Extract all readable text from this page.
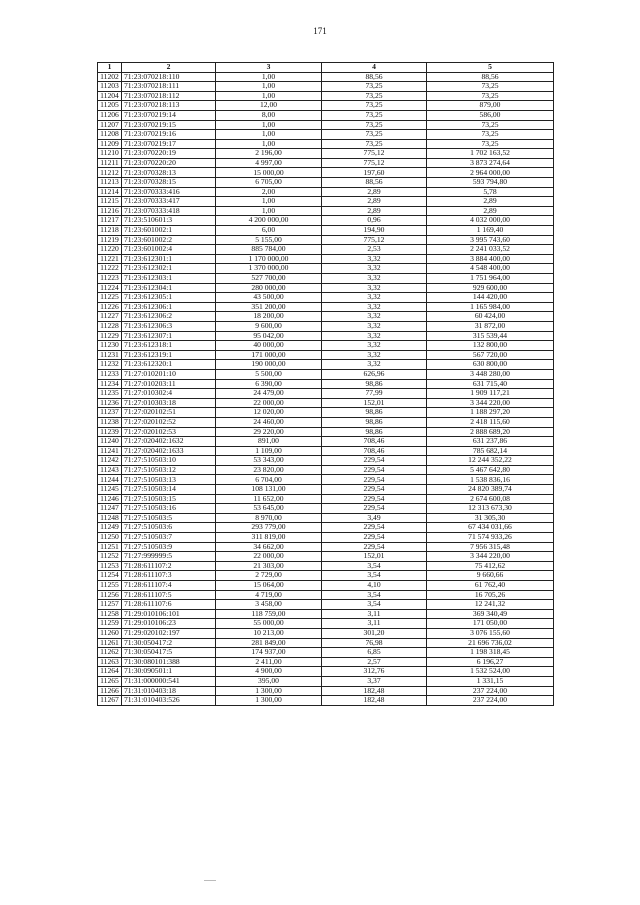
171
1	2	3	4	5
11202	71:23:070218:110	1,00	88,56	88,56
11203	71:23:070218:111	1,00	73,25	73,25
11204	71:23:070218:112	1,00	73,25	73,25
11205	71:23:070218:113	12,00	73,25	879,00
11206	71:23:070219:14	8,00	73,25	586,00
11207	71:23:070219:15	1,00	73,25	73,25
11208	71:23:070219:16	1,00	73,25	73,25
11209	71:23:070219:17	1,00	73,25	73,25
11210	71:23:070220:19	2 196,00	775,12	1 702 163,52
11211	71:23:070220:20	4 997,00	775,12	3 873 274,64
11212	71:23:070328:13	15 000,00	197,60	2 964 000,00
11213	71:23:070328:15	6 705,00	88,56	593 794,80
11214	71:23:070333:416	2,00	2,89	5,78
11215	71:23:070333:417	1,00	2,89	2,89
11216	71:23:070333:418	1,00	2,89	2,89
11217	71:23:510601:3	4 200 000,00	0,96	4 032 000,00
11218	71:23:601002:1	6,00	194,90	1 169,40
11219	71:23:601002:2	5 155,00	775,12	3 995 743,60
11220	71:23:601002:4	885 784,00	2,53	2 241 033,52
11221	71:23:612301:1	1 170 000,00	3,32	3 884 400,00
11222	71:23:612302:1	1 370 000,00	3,32	4 548 400,00
11223	71:23:612303:1	527 700,00	3,32	1 751 964,00
11224	71:23:612304:1	280 000,00	3,32	929 600,00
11225	71:23:612305:1	43 500,00	3,32	144 420,00
11226	71:23:612306:1	351 200,00	3,32	1 165 984,00
11227	71:23:612306:2	18 200,00	3,32	60 424,00
11228	71:23:612306:3	9 600,00	3,32	31 872,00
11229	71:23:612307:1	95 042,00	3,32	315 539,44
11230	71:23:612318:1	40 000,00	3,32	132 800,00
11231	71:23:612319:1	171 000,00	3,32	567 720,00
11232	71:23:612320:1	190 000,00	3,32	630 800,00
11233	71:27:010201:10	5 500,00	626,96	3 448 280,00
11234	71:27:010203:11	6 390,00	98,86	631 715,40
11235	71:27:010302:4	24 479,00	77,99	1 909 117,21
11236	71:27:010303:18	22 000,00	152,01	3 344 220,00
11237	71:27:020102:51	12 020,00	98,86	1 188 297,20
11238	71:27:020102:52	24 460,00	98,86	2 418 115,60
11239	71:27:020102:53	29 220,00	98,86	2 888 689,20
11240	71:27:020402:1632	891,00	708,46	631 237,86
11241	71:27:020402:1633	1 109,00	708,46	785 682,14
11242	71:27:510503:10	53 343,00	229,54	12 244 352,22
11243	71:27:510503:12	23 820,00	229,54	5 467 642,80
11244	71:27:510503:13	6 704,00	229,54	1 538 836,16
11245	71:27:510503:14	108 131,00	229,54	24 820 389,74
11246	71:27:510503:15	11 652,00	229,54	2 674 600,08
11247	71:27:510503:16	53 645,00	229,54	12 313 673,30
11248	71:27:510503:5	8 970,00	3,49	31 305,30
11249	71:27:510503:6	293 779,00	229,54	67 434 031,66
11250	71:27:510503:7	311 819,00	229,54	71 574 933,26
11251	71:27:510503:9	34 662,00	229,54	7 956 315,48
11252	71:27:999999:5	22 000,00	152,01	3 344 220,00
11253	71:28:611107:2	21 303,00	3,54	75 412,62
11254	71:28:611107:3	2 729,00	3,54	9 660,66
11255	71:28:611107:4	15 064,00	4,10	61 762,40
11256	71:28:611107:5	4 719,00	3,54	16 705,26
11257	71:28:611107:6	3 458,00	3,54	12 241,32
11258	71:29:010106:101	118 759,00	3,11	369 340,49
11259	71:29:010106:23	55 000,00	3,11	171 050,00
11260	71:29:020102:197	10 213,00	301,20	3 076 155,60
11261	71:30:050417:2	281 849,00	76,98	21 696 736,02
11262	71:30:050417:5	174 937,00	6,85	1 198 318,45
11263	71:30:080101:388	2 411,00	2,57	6 196,27
11264	71:30:090501:1	4 900,00	312,76	1 532 524,00
11265	71:31:000000:541	395,00	3,37	1 331,15
11266	71:31:010403:18	1 300,00	182,48	237 224,00
11267	71:31:010403:526	1 300,00	182,48	237 224,00
